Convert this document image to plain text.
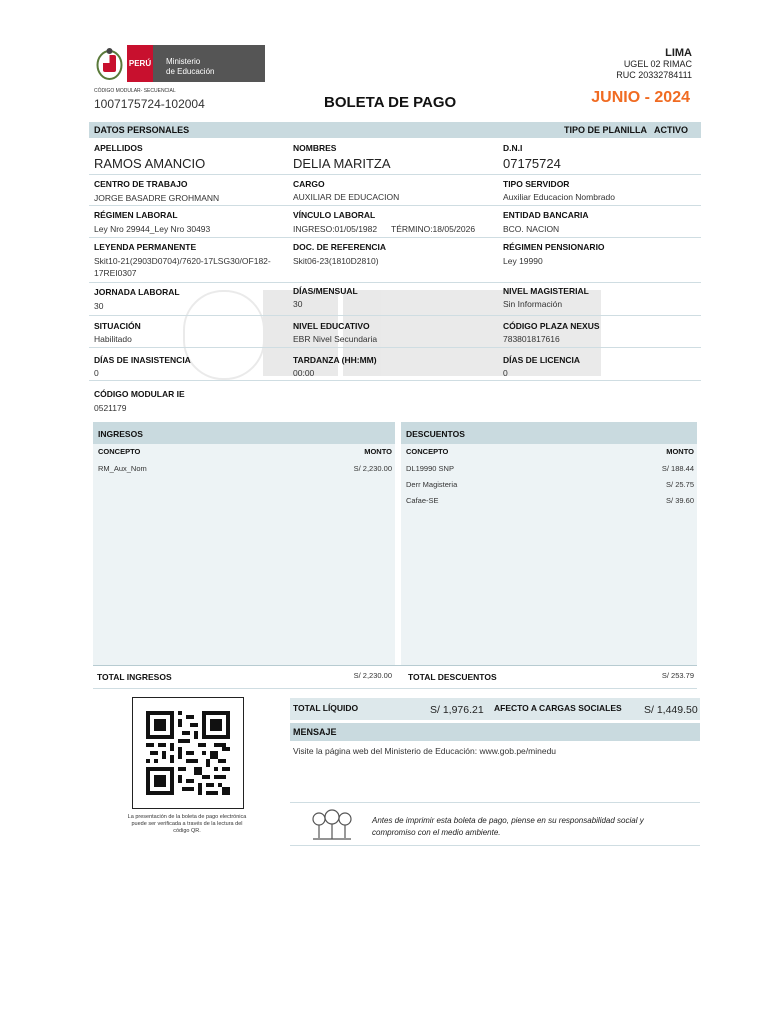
PERÚ Ministerio
de Educación
LIMA
UGEL 02 RIMAC
RUC 20332784111
CÓDIGO MODULAR- SECUENCIAL
1007175724-102004	BOLETA DE PAGO	JUNIO - 2024
DATOS PERSONALES	TIPO DE PLANILLA ACTIVO
APELLIDOS
RAMOS AMANCIO
NOMBRES
DELIA MARITZA
D.N.I
07175724
CENTRO DE TRABAJO
JORGE BASADRE GROHMANN
CARGO
AUXILIAR DE EDUCACION
TIPO SERVIDOR
Auxiliar Educacion Nombrado
RÉGIMEN LABORAL
Ley Nro 29944_Ley Nro 30493
VÍNCULO LABORAL
INGRESO:01/05/1982 TÉRMINO:18/05/2026
ENTIDAD BANCARIA
BCO. NACION
LEYENDA PERMANENTE
Skit10-21(2903D0704)/7620-17LSG30/OF182-
17REI0307
DOC. DE REFERENCIA
Skit06-23(1810D2810)
RÉGIMEN PENSIONARIO
Ley 19990
JORNADA LABORAL
30
DÍAS/MENSUAL
30
NIVEL MAGISTERIAL
Sin Información
SITUACIÓN
Habilitado
NIVEL EDUCATIVO
EBR Nivel Secundaria
CÓDIGO PLAZA NEXUS
783801817616
DÍAS DE INASISTENCIA
0
TARDANZA (HH:MM)
00:00
DÍAS DE LICENCIA
0
CÓDIGO MODULAR IE
0521179
INGRESOS
CONCEPTO	MONTO
RM_Aux_Nom	S/ 2,230.00
DESCUENTOS
CONCEPTO	MONTO
DL19990 SNP	S/ 188.44
Derr Magisteria	S/ 25.75
Cafae-SE	S/ 39.60
TOTAL INGRESOS	S/ 2,230.00 TOTAL DESCUENTOS	S/ 253.79
La presentación de la boleta de pago electrónica
puede ser verificada a través de la lectura del
código QR.
TOTAL LÍQUIDO	S/ 1,976.21 AFECTO A CARGAS SOCIALES S/ 1,449.50
MENSAJE
Visite la página web del Ministerio de Educación: www.gob.pe/minedu
Antes de imprimir esta boleta de pago, piense en su responsabilidad social y
compromiso con el medio ambiente.
